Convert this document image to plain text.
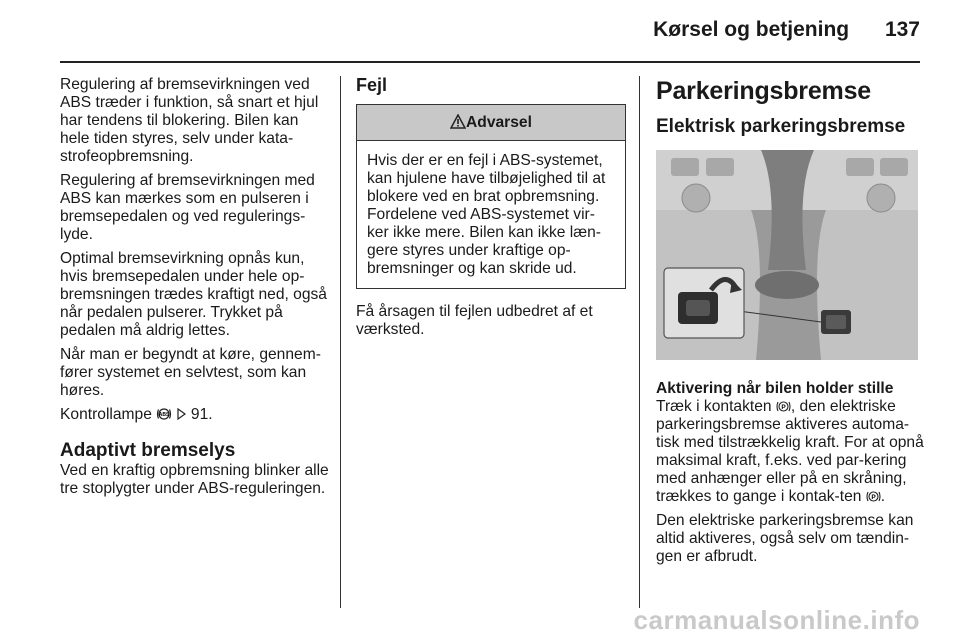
Kørsel og betjening 137

Regulering af bremsevirkningen ved ABS træder i funktion, så snart et hjul har tendens til blokering. Bilen kan hele tiden styres, selv under kata-strofeopbremsning.

Regulering af bremsevirkningen med ABS kan mærkes som en pulseren i bremsepedalen og ved regulerings-lyde.

Optimal bremsevirkning opnås kun, hvis bremsepedalen under hele op-bremsningen trædes kraftigt ned, også når pedalen pulserer. Trykket på pedalen må aldrig lettes.

Når man er begyndt at køre, gennem-fører systemet en selvtest, som kan høres.

Kontrollampe ABS 91.

Adaptivt bremselys

Ved en kraftig opbremsning blinker alle tre stoplygter under ABS-reguleringen.

Fejl
Advarsel
Hvis der er en fejl i ABS-systemet, kan hjulene have tilbøjelighed til at blokere ved en brat opbremsning. Fordelene ved ABS-systemet vir-ker ikke mere. Bilen kan ikke læn-gere styres under kraftige op-bremsninger og kan skride ud.

Få årsagen til fejlen udbedret af et værksted.

Parkeringsbremse
Elektrisk parkeringsbremse
Aktivering når bilen holder stille

Træk i kontakten P , den elektriske parkeringsbremse aktiveres automa-tisk med tilstrækkelig kraft. For at opnå maksimal kraft, f.eks. ved par-kering med anhænger eller på en skråning, trækkes to gange i kontak-ten P .

Den elektriske parkeringsbremse kan altid aktiveres, også selv om tændin-gen er afbrudt.

carmanualsonline.info
